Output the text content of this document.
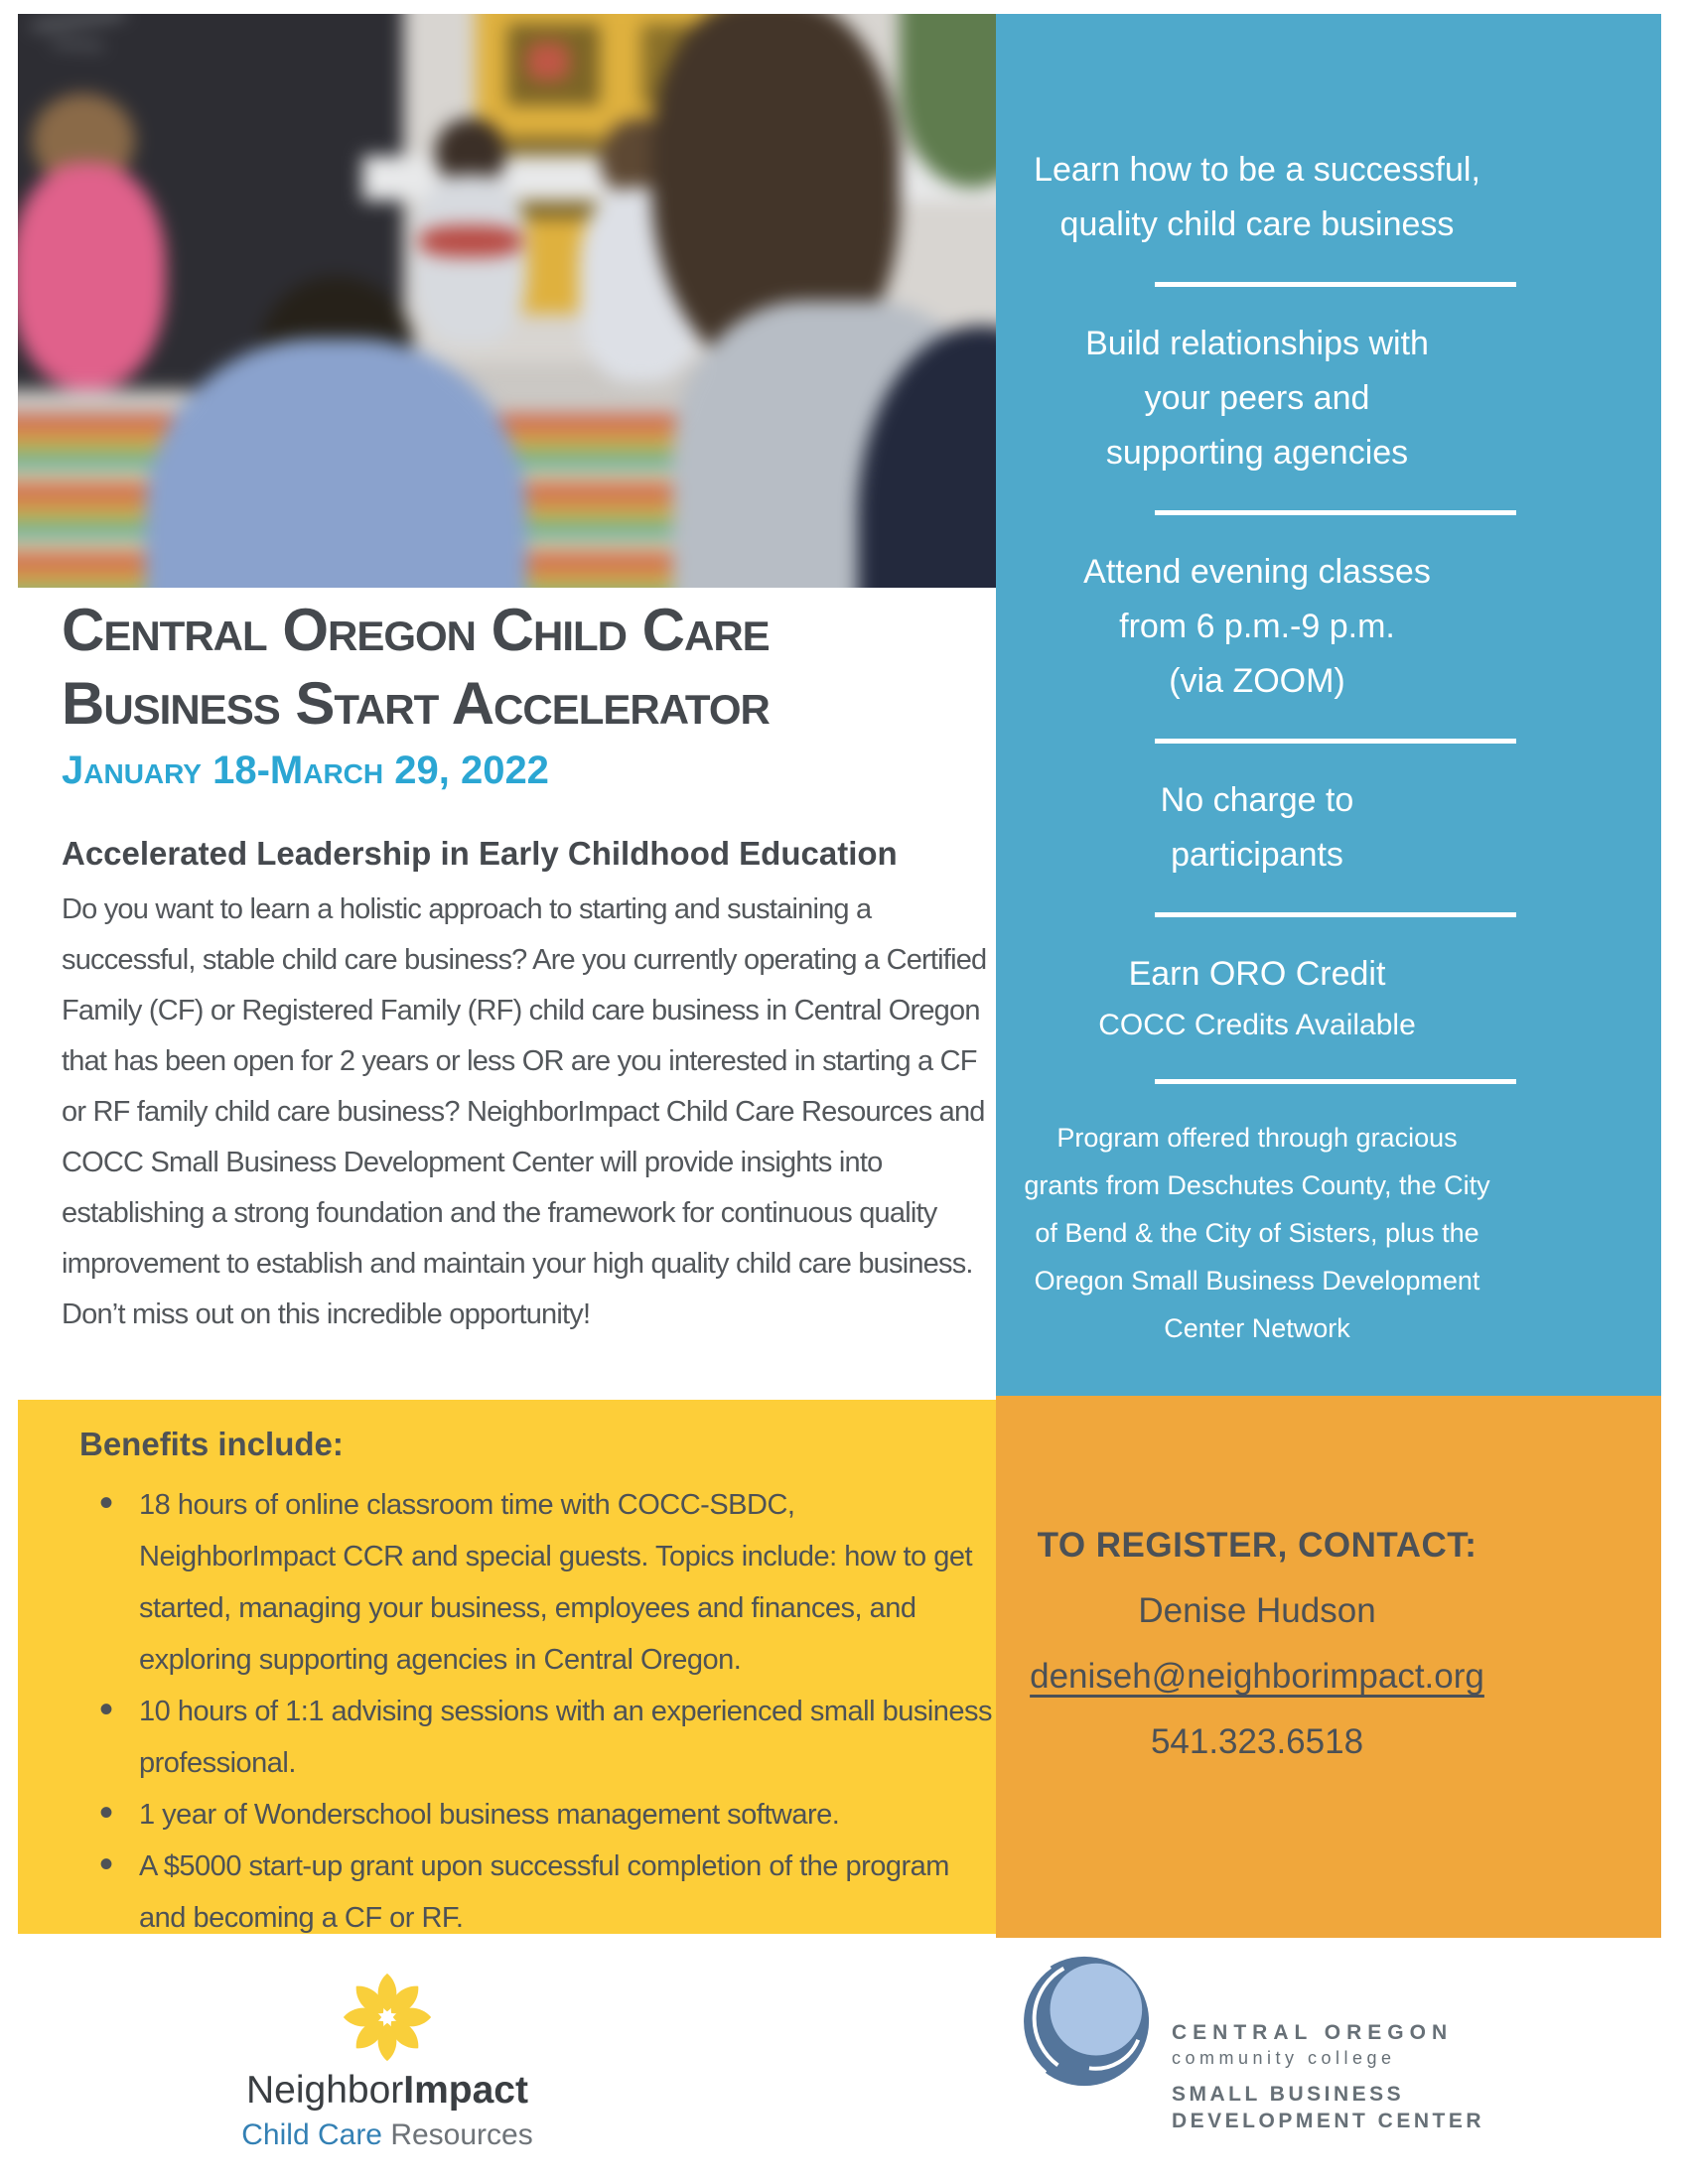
Learn how to be a successful,
quality child care business
Build relationships with
your peers and
supporting agencies
Attend evening classes
from 6 p.m.-9 p.m.
(via ZOOM)
No charge to
participants
Earn ORO Credit
COCC Credits Available
Program offered through gracious
grants from Deschutes County, the City
of Bend & the City of Sisters, plus the
Oregon Small Business Development
Center Network
TO REGISTER, CONTACT:
Denise Hudson
deniseh@neighborimpact.org
541.323.6518
Central Oregon Child Care
Business Start Accelerator
January 18-March 29, 2022
Accelerated Leadership in Early Childhood Education

Do you want to learn a holistic approach to starting and sustaining a successful, stable child care business? Are you currently operating a Certified Family (CF) or Registered Family (RF) child care business in Central Oregon that has been open for 2 years or less OR are you interested in starting a CF or RF family child care business? NeighborImpact Child Care Resources and COCC Small Business Development Center will provide insights into establishing a strong foundation and the framework for continuous quality improvement to establish and maintain your high quality child care business. Don’t miss out on this incredible opportunity!

Benefits include:
• 18 hours of online classroom time with COCC-SBDC, NeighborImpact CCR and special guests. Topics include: how to get started, managing your business, employees and finances, and exploring supporting agencies in Central Oregon.
• 10 hours of 1:1 advising sessions with an experienced small business professional.
• 1 year of Wonderschool business management software.
• A $5000 start-up grant upon successful completion of the program and becoming a CF or RF.
NeighborImpact
Child Care Resources
CENTRAL OREGON
community college
SMALL BUSINESS
DEVELOPMENT CENTER
